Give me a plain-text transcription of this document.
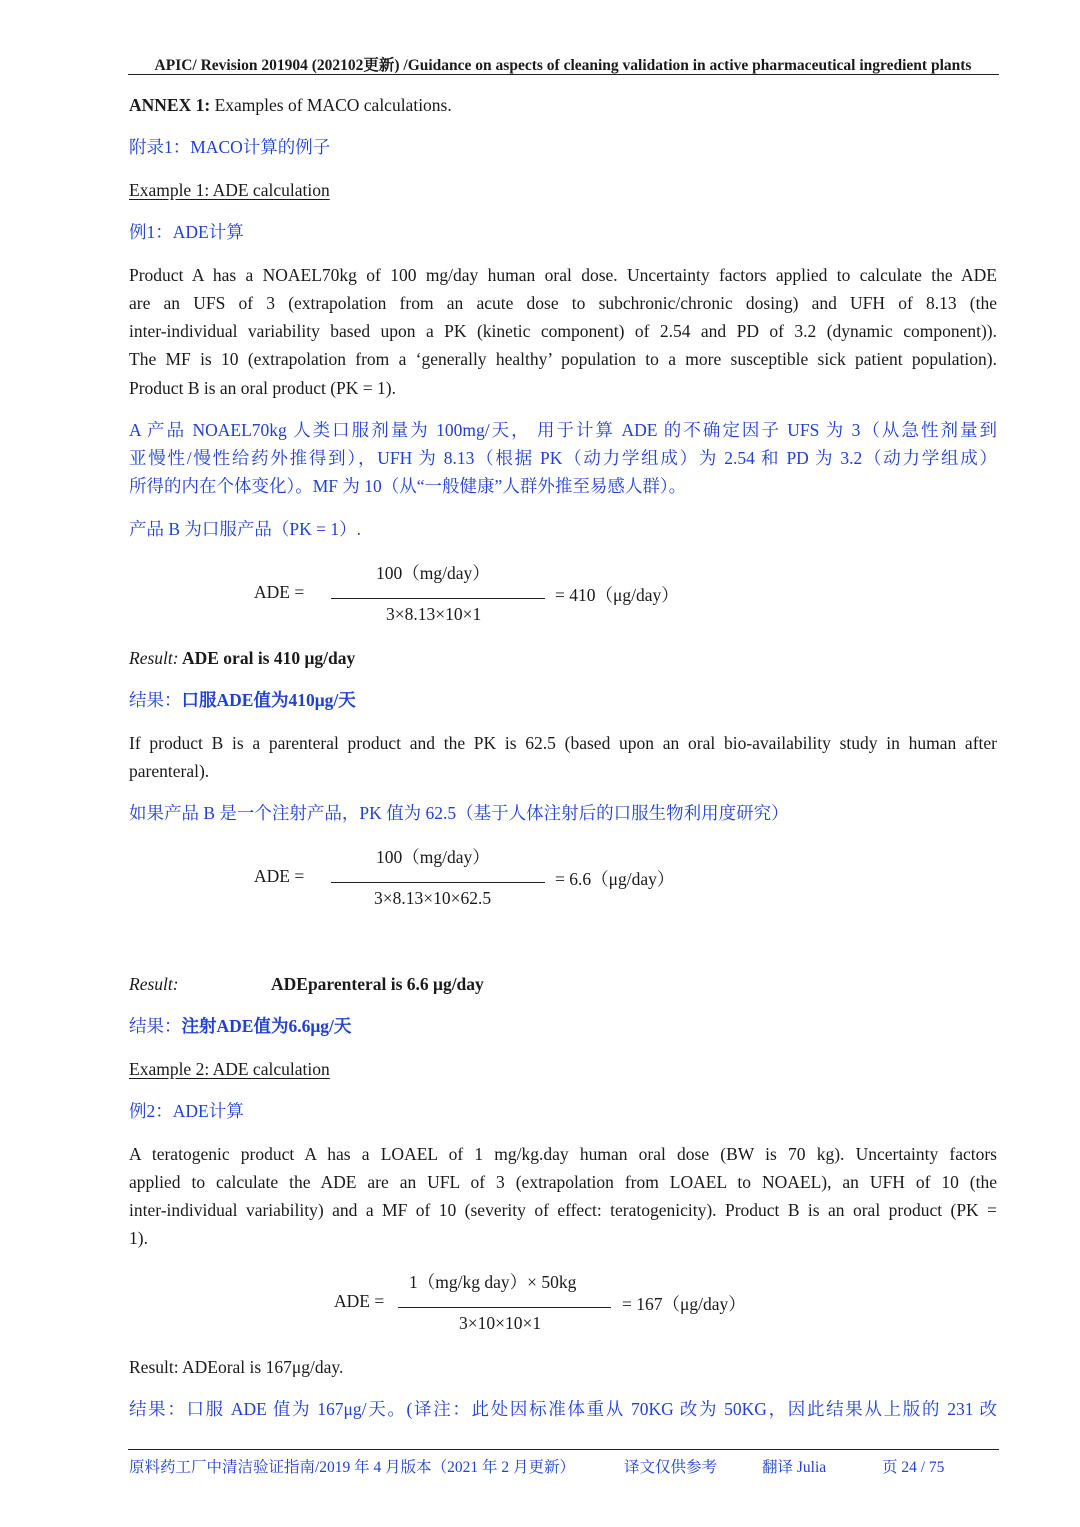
APIC/ Revision 201904 (202102更新) /Guidance on aspects of cleaning validation in active pharmaceutical ingredient plants
ANNEX 1: Examples of MACO calculations.
附录1：MACO计算的例子
Example 1: ADE calculation
例1：ADE计算
Product A has a NOAEL70kg of 100 mg/day human oral dose. Uncertainty factors applied to calculate the ADE
are an UFS of 3 (extrapolation from an acute dose to subchronic/chronic dosing) and UFH of 8.13 (the
inter-individual variability based upon a PK (kinetic component) of 2.54 and PD of 3.2 (dynamic component)).
The MF is 10 (extrapolation from a ‘generally healthy’ population to a more susceptible sick patient population).
Product B is an oral product (PK = 1).
A 产品 NOAEL70kg 人类口服剂量为 100mg/天， 用于计算 ADE 的不确定因子 UFS 为 3（从急性剂量到
亚慢性/慢性给药外推得到），UFH 为 8.13（根据 PK（动力学组成）为 2.54 和 PD 为 3.2（动力学组成）
所得的内在个体变化）。MF 为 10（从“一般健康”人群外推至易感人群）。
产品 B 为口服产品（PK = 1）.
100（mg/day）
ADE =	= 410（μg/day）
3×8.13×10×1
Result: ADE oral is 410 μg/day
结果：口服ADE值为410μg/天
If product B is a parenteral product and the PK is 62.5 (based upon an oral bio-availability study in human after
parenteral).
如果产品 B 是一个注射产品，PK 值为 62.5（基于人体注射后的口服生物利用度研究）
100（mg/day）
ADE =	= 6.6（μg/day）
3×8.13×10×62.5
Result:	ADEparenteral is 6.6 μg/day
结果：注射ADE值为6.6μg/天
Example 2: ADE calculation
例2：ADE计算
A teratogenic product A has a LOAEL of 1 mg/kg.day human oral dose (BW is 70 kg). Uncertainty factors
applied to calculate the ADE are an UFL of 3 (extrapolation from LOAEL to NOAEL), an UFH of 10 (the
inter-individual variability) and a MF of 10 (severity of effect: teratogenicity). Product B is an oral product (PK =
1).
1（mg/kg day）× 50kg
ADE =	= 167（μg/day）
3×10×10×1
Result: ADEoral is 167μg/day.
结果：口服 ADE 值为 167μg/天。(译注：此处因标准体重从 70KG 改为 50KG，因此结果从上版的 231 改
原料药工厂中清洁验证指南/2019 年 4 月版本（2021 年 2 月更新）	译文仅供参考	翻译 Julia	页 24 / 75
